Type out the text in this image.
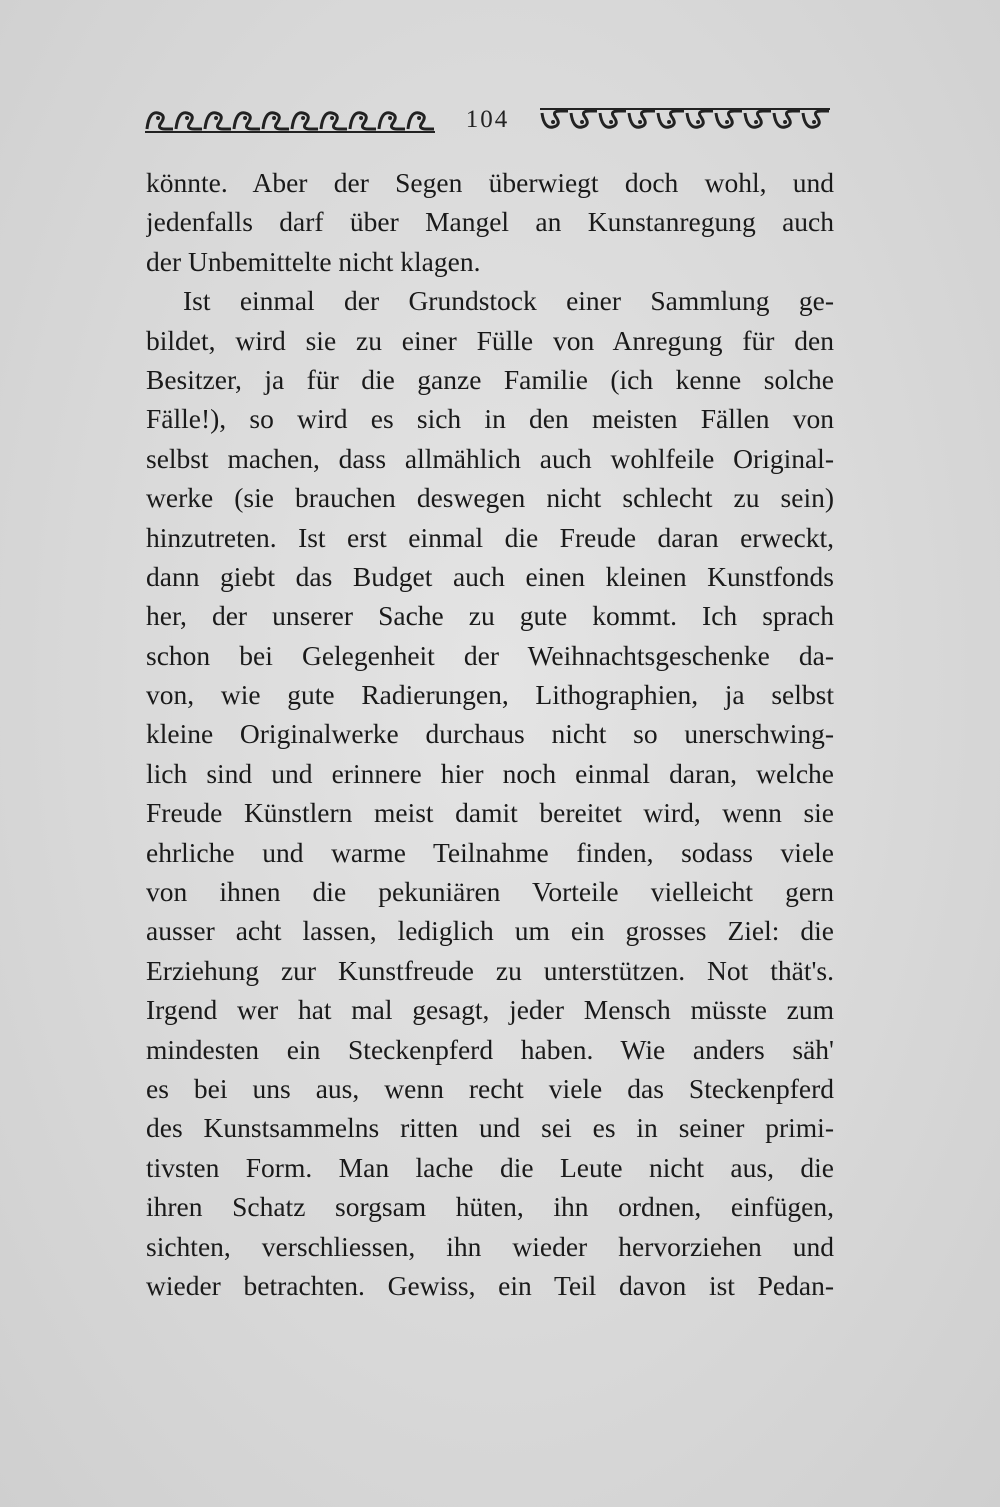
104
könnte. Aber der Segen überwiegt doch wohl, und
jedenfalls darf über Mangel an Kunstanregung auch
der Unbemittelte nicht klagen.
Ist einmal der Grundstock einer Sammlung ge-
bildet, wird sie zu einer Fülle von Anregung für den
Besitzer, ja für die ganze Familie (ich kenne solche
Fälle!), so wird es sich in den meisten Fällen von
selbst machen, dass allmählich auch wohlfeile Original-
werke (sie brauchen deswegen nicht schlecht zu sein)
hinzutreten. Ist erst einmal die Freude daran erweckt,
dann giebt das Budget auch einen kleinen Kunstfonds
her, der unserer Sache zu gute kommt. Ich sprach
schon bei Gelegenheit der Weihnachtsgeschenke da-
von, wie gute Radierungen, Lithographien, ja selbst
kleine Originalwerke durchaus nicht so unerschwing-
lich sind und erinnere hier noch einmal daran, welche
Freude Künstlern meist damit bereitet wird, wenn sie
ehrliche und warme Teilnahme finden, sodass viele
von ihnen die pekuniären Vorteile vielleicht gern
ausser acht lassen, lediglich um ein grosses Ziel: die
Erziehung zur Kunstfreude zu unterstützen. Not thät's.
Irgend wer hat mal gesagt, jeder Mensch müsste zum
mindesten ein Steckenpferd haben. Wie anders säh'
es bei uns aus, wenn recht viele das Steckenpferd
des Kunstsammelns ritten und sei es in seiner primi-
tivsten Form. Man lache die Leute nicht aus, die
ihren Schatz sorgsam hüten, ihn ordnen, einfügen,
sichten, verschliessen, ihn wieder hervorziehen und
wieder betrachten. Gewiss, ein Teil davon ist Pedan-
